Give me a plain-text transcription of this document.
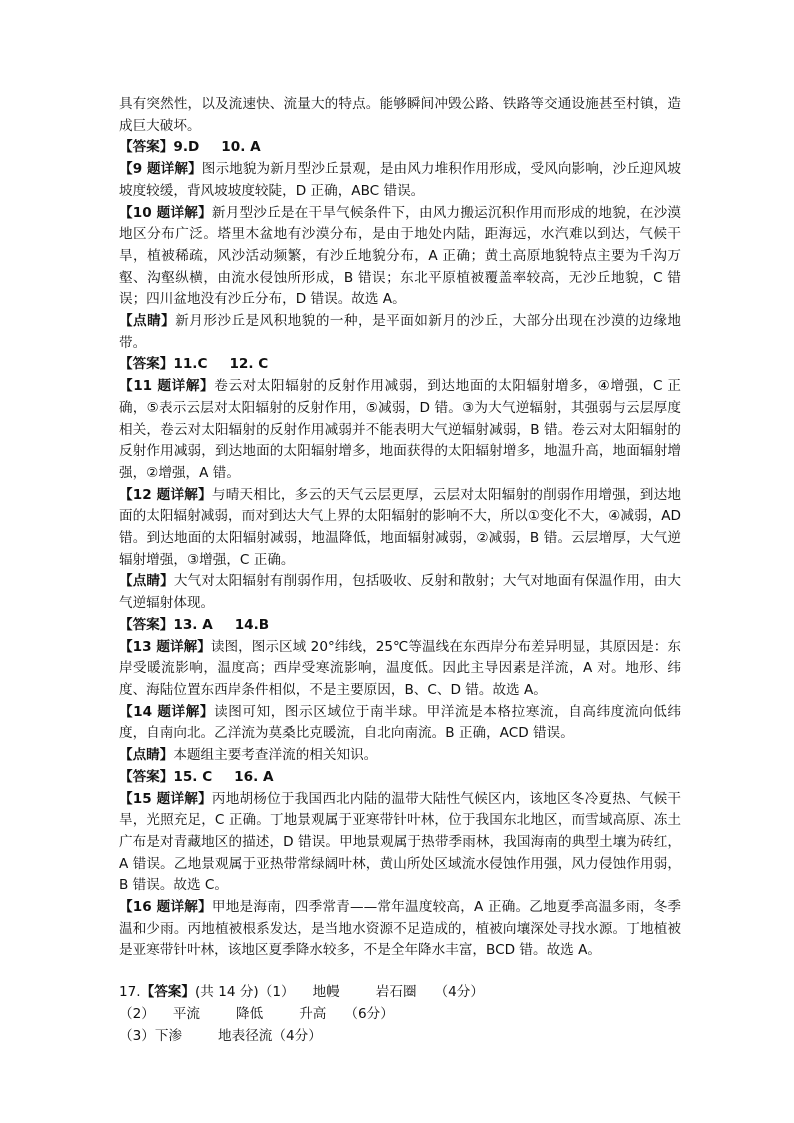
具有突然性，以及流速快、流量大的特点。能够瞬间冲毁公路、铁路等交通设施甚至村镇，造成巨大破坏。

【答案】9.D 10. A

【9 题详解】图示地貌为新月型沙丘景观，是由风力堆积作用形成，受风向影响，沙丘迎风坡坡度较缓，背风坡坡度较陡，D 正确，ABC 错误。

【10 题详解】新月型沙丘是在干旱气候条件下，由风力搬运沉积作用而形成的地貌，在沙漠地区分布广泛。塔里木盆地有沙漠分布，是由于地处内陆，距海远，水汽难以到达，气候干旱，植被稀疏，风沙活动频繁，有沙丘地貌分布，A 正确；黄土高原地貌特点主要为千沟万壑、沟壑纵横，由流水侵蚀所形成，B 错误；东北平原植被覆盖率较高，无沙丘地貌，C 错误；四川盆地没有沙丘分布，D 错误。故选 A。

【点睛】新月形沙丘是风积地貌的一种，是平面如新月的沙丘，大部分出现在沙漠的边缘地带。

【答案】11.C 12. C

【11 题详解】卷云对太阳辐射的反射作用减弱，到达地面的太阳辐射增多，④增强，C 正确，⑤表示云层对太阳辐射的反射作用，⑤减弱，D 错。③为大气逆辐射，其强弱与云层厚度相关，卷云对太阳辐射的反射作用减弱并不能表明大气逆辐射减弱，B 错。卷云对太阳辐射的反射作用减弱，到达地面的太阳辐射增多，地面获得的太阳辐射增多，地温升高，地面辐射增强，②增强，A 错。

【12 题详解】与晴天相比，多云的天气云层更厚，云层对太阳辐射的削弱作用增强，到达地面的太阳辐射减弱，而对到达大气上界的太阳辐射的影响不大，所以①变化不大，④减弱，AD 错。到达地面的太阳辐射减弱，地温降低，地面辐射减弱，②减弱，B 错。云层增厚，大气逆辐射增强，③增强，C 正确。

【点睛】大气对太阳辐射有削弱作用，包括吸收、反射和散射；大气对地面有保温作用，由大气逆辐射体现。

【答案】13. A 14.B

【13 题详解】读图，图示区域 20°纬线，25℃等温线在东西岸分布差异明显，其原因是：东岸受暖流影响，温度高；西岸受寒流影响，温度低。因此主导因素是洋流，A 对。地形、纬度、海陆位置东西岸条件相似，不是主要原因，B、C、D 错。故选 A。

【14 题详解】读图可知，图示区域位于南半球。甲洋流是本格拉寒流，自高纬度流向低纬度，自南向北。乙洋流为莫桑比克暖流，自北向南流。B 正确，ACD 错误。

【点睛】本题组主要考查洋流的相关知识。

【答案】15. C 16. A

【15 题详解】丙地胡杨位于我国西北内陆的温带大陆性气候区内，该地区冬冷夏热、气候干旱，光照充足，C 正确。丁地景观属于亚寒带针叶林，位于我国东北地区，而雪域高原、冻土广布是对青藏地区的描述，D 错误。甲地景观属于热带季雨林，我国海南的典型土壤为砖红，A 错误。乙地景观属于亚热带常绿阔叶林，黄山所处区域流水侵蚀作用强，风力侵蚀作用弱，B 错误。故选 C。

【16 题详解】甲地是海南，四季常青——常年温度较高，A 正确。乙地夏季高温多雨，冬季温和少雨。丙地植被根系发达，是当地水资源不足造成的，植被向壤深处寻找水源。丁地植被是亚寒带针叶林，该地区夏季降水较多，不是全年降水丰富，BCD 错。故选 A。

17.【答案】(共 14 分)（1） 地幔	岩石圈 （4分）

（2） 平流	降低	升高 （6分）

（3）下渗	地表径流（4分）
